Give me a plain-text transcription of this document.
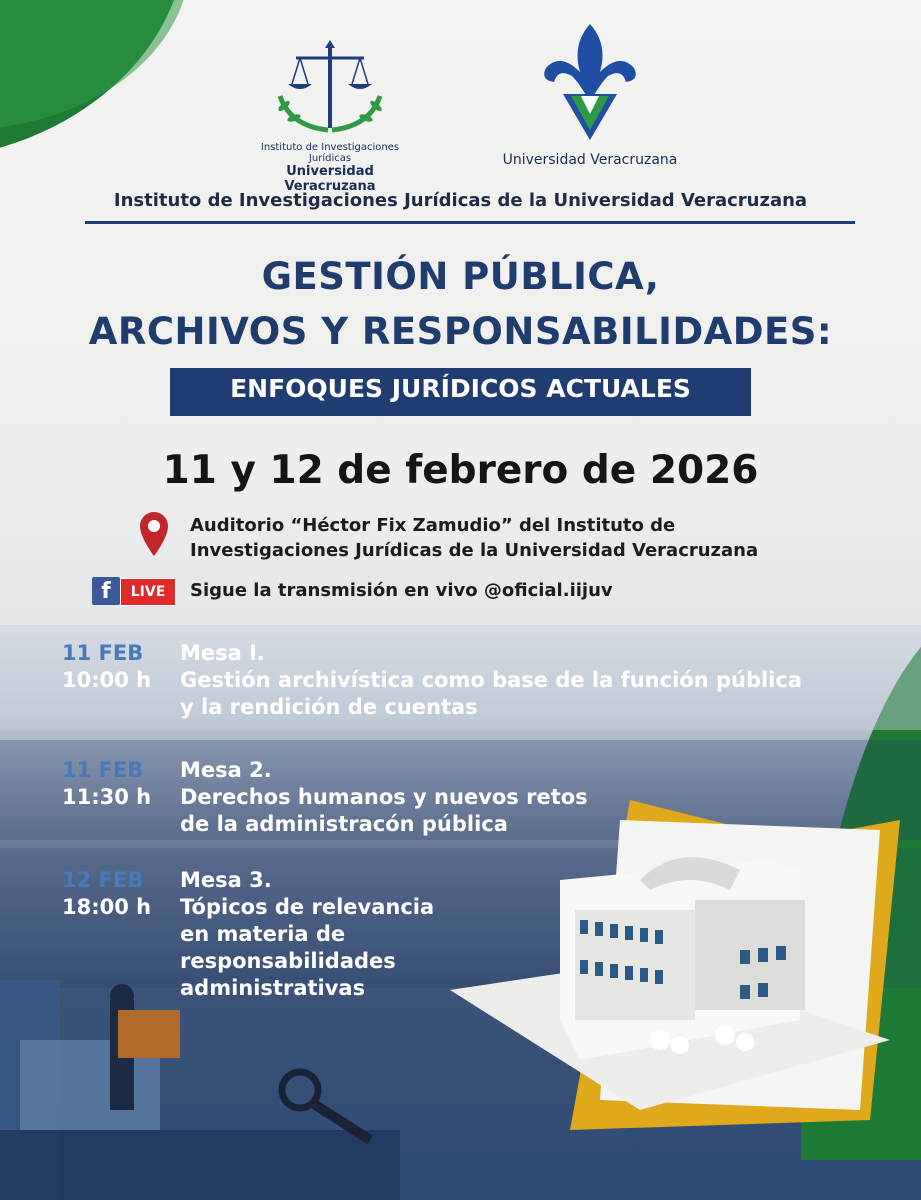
Instituto de Investigaciones Jurídicas
Universidad Veracruzana
Universidad Veracruzana
Instituto de Investigaciones Jurídicas de la Universidad Veracruzana
GESTIÓN PÚBLICA,
ARCHIVOS Y RESPONSABILIDADES:
ENFOQUES JURÍDICOS ACTUALES
11 y 12 de febrero de 2026
Auditorio “Héctor Fix Zamudio” del Instituto de
Investigaciones Jurídicas de la Universidad Veracruzana
f	LIVE	Sigue la transmisión en vivo @oficial.iijuv
11 FEB
10:00 h
Mesa I.
Gestión archivística como base de la función pública
y la rendición de cuentas
11 FEB
11:30 h
Mesa 2.
Derechos humanos y nuevos retos
de la administracón pública
12 FEB
18:00 h
Mesa 3.
Tópicos de relevancia
en materia de
responsabilidades
administrativas
